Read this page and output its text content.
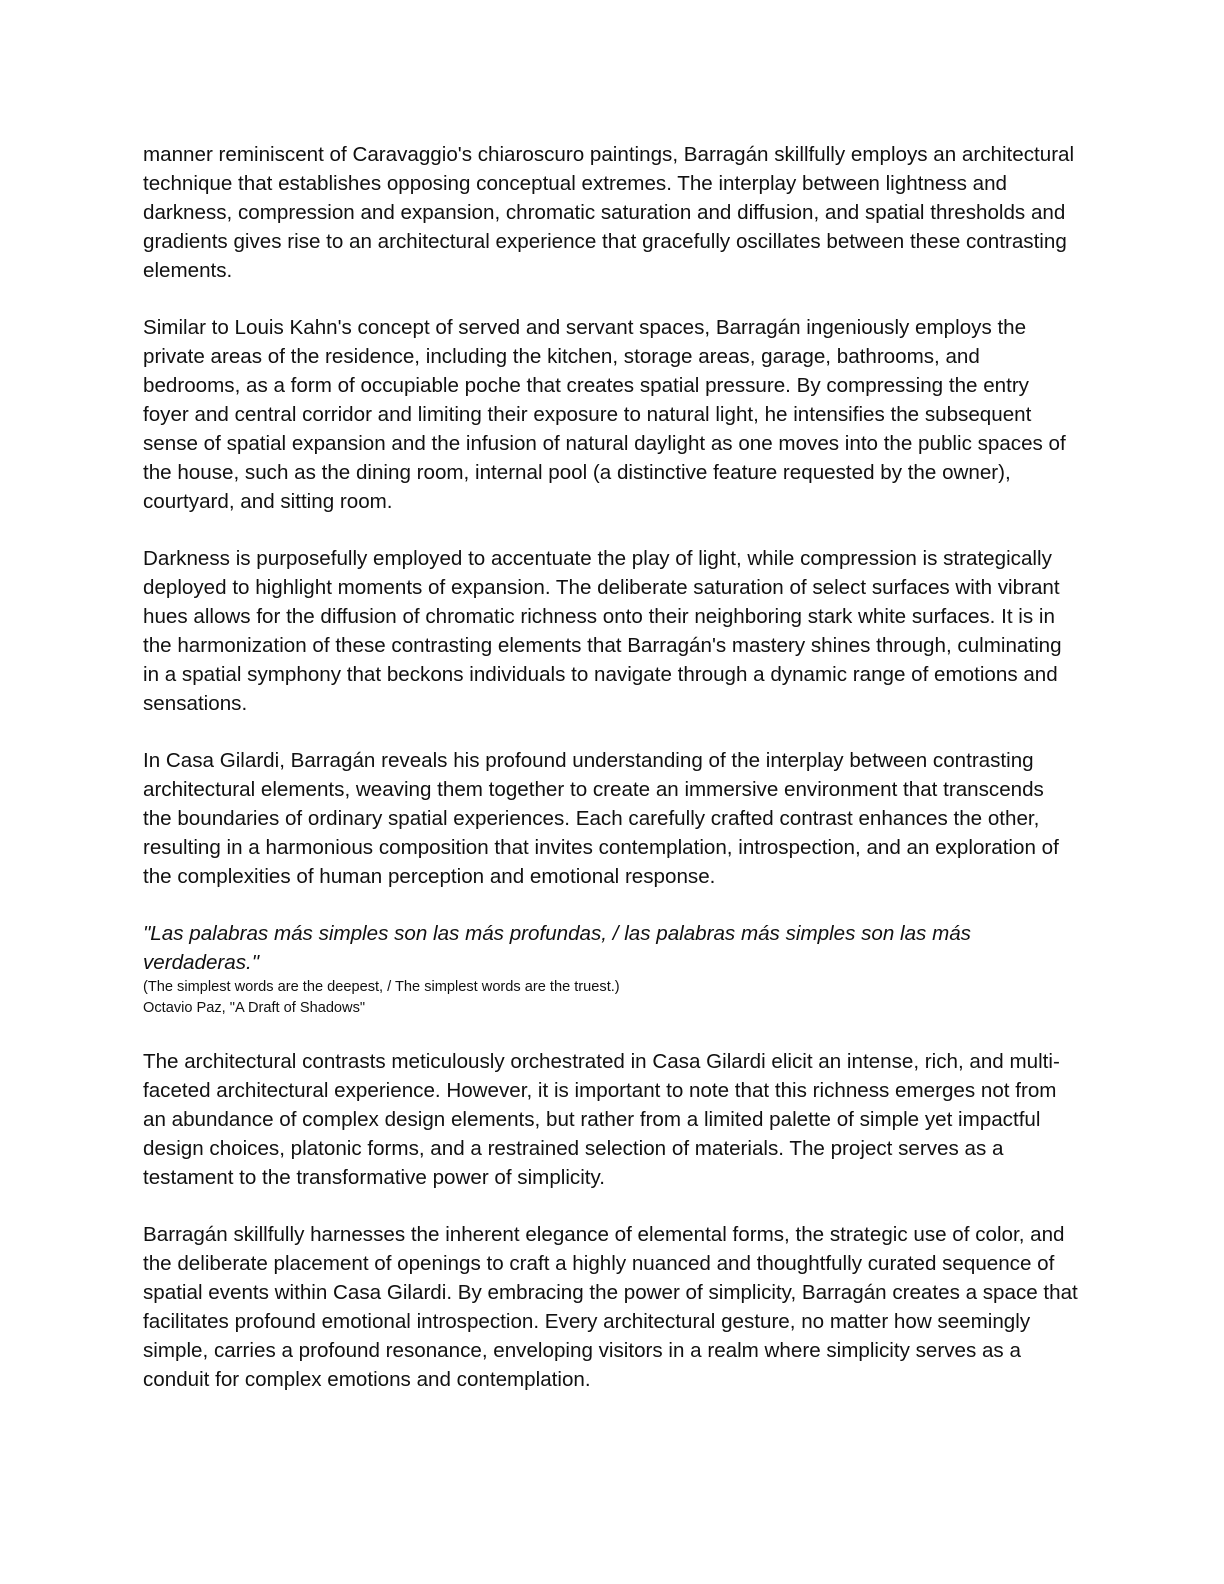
manner reminiscent of Caravaggio's chiaroscuro paintings, Barragán skillfully employs an architectural technique that establishes opposing conceptual extremes. The interplay between lightness and darkness, compression and expansion, chromatic saturation and diffusion, and spatial thresholds and gradients gives rise to an architectural experience that gracefully oscillates between these contrasting elements.

Similar to Louis Kahn's concept of served and servant spaces, Barragán ingeniously employs the private areas of the residence, including the kitchen, storage areas, garage, bathrooms, and bedrooms, as a form of occupiable poche that creates spatial pressure. By compressing the entry foyer and central corridor and limiting their exposure to natural light, he intensifies the subsequent sense of spatial expansion and the infusion of natural daylight as one moves into the public spaces of the house, such as the dining room, internal pool (a distinctive feature requested by the owner), courtyard, and sitting room.

Darkness is purposefully employed to accentuate the play of light, while compression is strategically deployed to highlight moments of expansion. The deliberate saturation of select surfaces with vibrant hues allows for the diffusion of chromatic richness onto their neighboring stark white surfaces. It is in the harmonization of these contrasting elements that Barragán's mastery shines through, culminating in a spatial symphony that beckons individuals to navigate through a dynamic range of emotions and sensations.

In Casa Gilardi, Barragán reveals his profound understanding of the interplay between contrasting architectural elements, weaving them together to create an immersive environment that transcends the boundaries of ordinary spatial experiences. Each carefully crafted contrast enhances the other, resulting in a harmonious composition that invites contemplation, introspection, and an exploration of the complexities of human perception and emotional response.

"Las palabras más simples son las más profundas, / las palabras más simples son las más verdaderas."

(The simplest words are the deepest, / The simplest words are the truest.)

Octavio Paz, "A Draft of Shadows"

The architectural contrasts meticulously orchestrated in Casa Gilardi elicit an intense, rich, and multi-faceted architectural experience. However, it is important to note that this richness emerges not from an abundance of complex design elements, but rather from a limited palette of simple yet impactful design choices, platonic forms, and a restrained selection of materials. The project serves as a testament to the transformative power of simplicity.

Barragán skillfully harnesses the inherent elegance of elemental forms, the strategic use of color, and the deliberate placement of openings to craft a highly nuanced and thoughtfully curated sequence of spatial events within Casa Gilardi. By embracing the power of simplicity, Barragán creates a space that facilitates profound emotional introspection. Every architectural gesture, no matter how seemingly simple, carries a profound resonance, enveloping visitors in a realm where simplicity serves as a conduit for complex emotions and contemplation.
